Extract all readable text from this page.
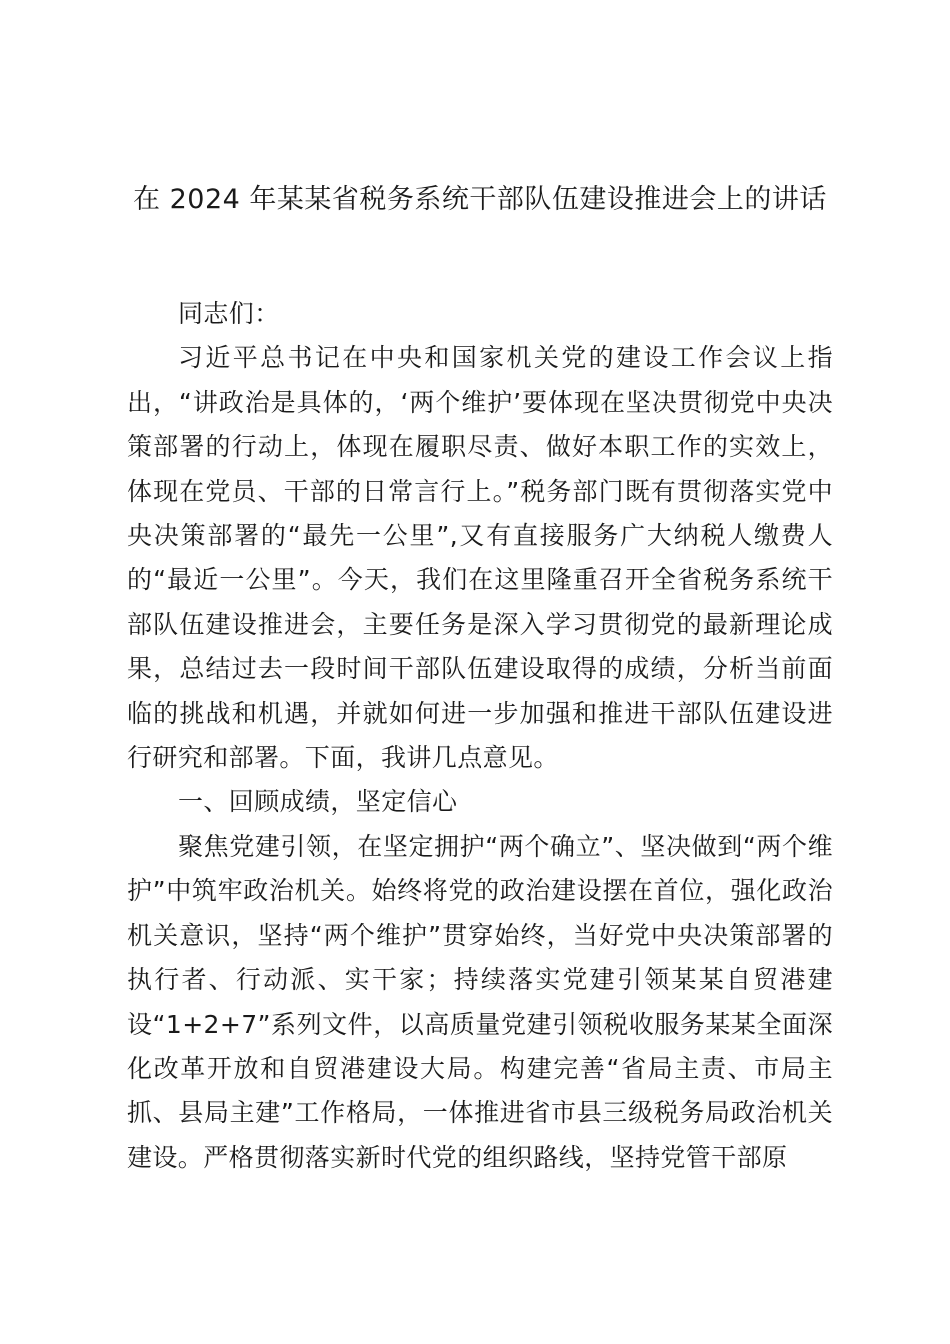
在 2024 年某某省税务系统干部队伍建设推进会上的讲话

同志们：

习近平总书记在中央和国家机关党的建设工作会议上指出，“讲政治是具体的，‘两个维护’要体现在坚决贯彻党中央决策部署的行动上，体现在履职尽责、做好本职工作的实效上，体现在党员、干部的日常言行上。”税务部门既有贯彻落实党中央决策部署的“最先一公里”,又有直接服务广大纳税人缴费人的“最近一公里”。今天，我们在这里隆重召开全省税务系统干部队伍建设推进会，主要任务是深入学习贯彻党的最新理论成果，总结过去一段时间干部队伍建设取得的成绩，分析当前面临的挑战和机遇，并就如何进一步加强和推进干部队伍建设进行研究和部署。下面，我讲几点意见。

一、回顾成绩，坚定信心

聚焦党建引领，在坚定拥护“两个确立”、坚决做到“两个维护”中筑牢政治机关。始终将党的政治建设摆在首位，强化政治机关意识，坚持“两个维护”贯穿始终，当好党中央决策部署的执行者、行动派、实干家；持续落实党建引领某某自贸港建设“1+2+7”系列文件，以高质量党建引领税收服务某某全面深化改革开放和自贸港建设大局。构建完善“省局主责、市局主抓、县局主建”工作格局，一体推进省市县三级税务局政治机关建设。严格贯彻落实新时代党的组织路线，坚持党管干部原
